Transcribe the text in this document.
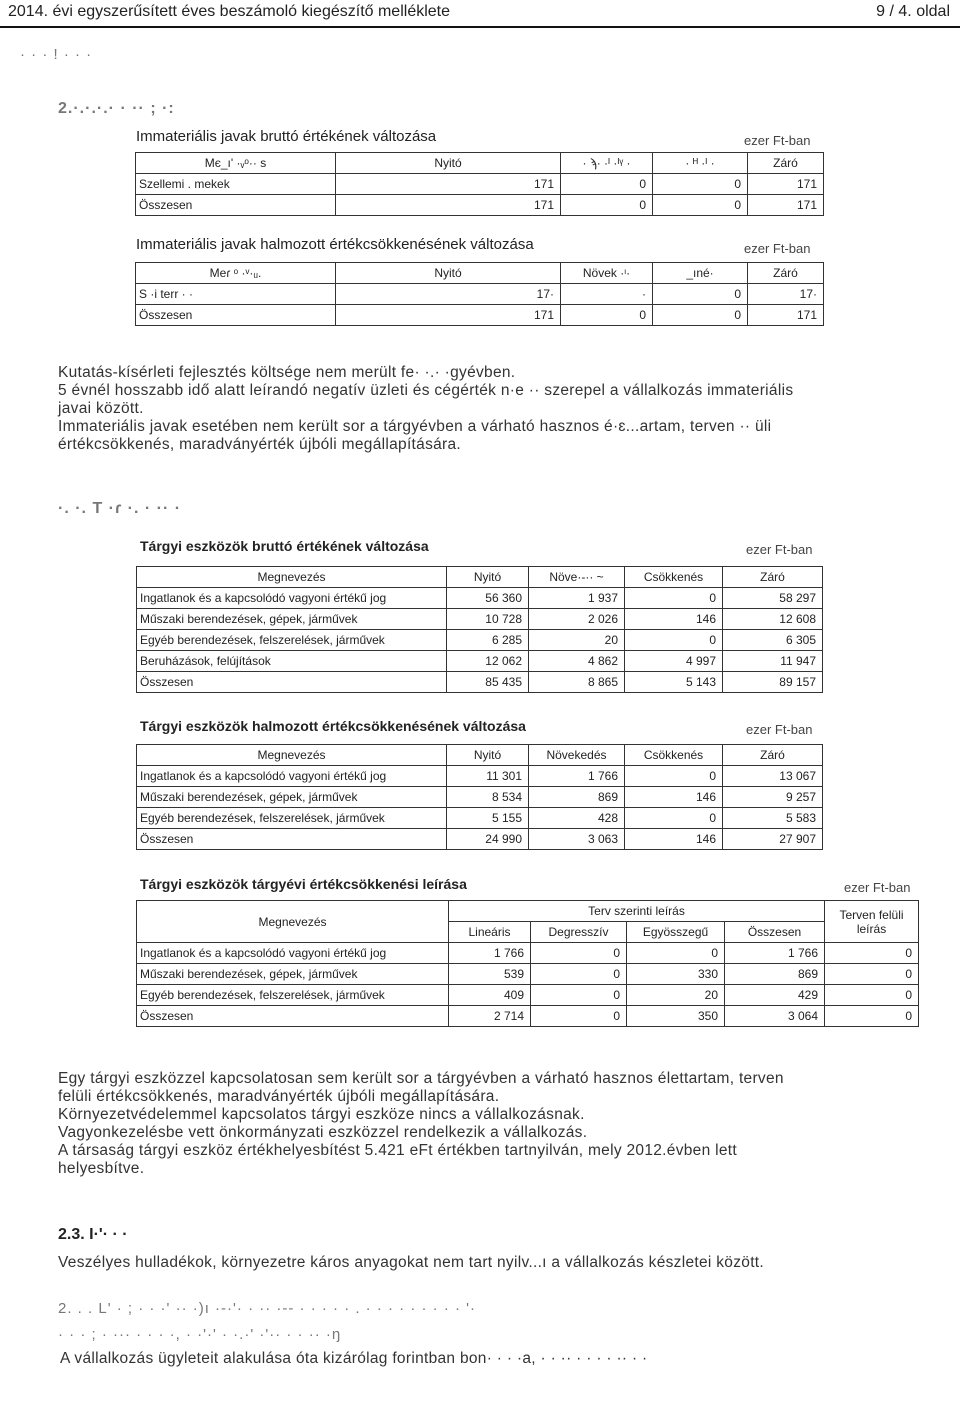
2014. évi egyszerűsített éves beszámoló kiegészítő melléklete	9 / 4. oldal
· · · ! · · ·
2.·.·.·.· · ·· ; ·:
Immateriális javak bruttó értékének változása	ezer Ft-ban
Mє_ı' ·ᵥᵒ·· ѕ	Nyitó	· ϡ· ·ᴵ ·ᴵᵞ ·	· ᴴ ·ᴵ ·	Záró
Szellemi . mekek	171	0	0	171
Összesen	171	0	0	171
Immateriális javak halmozott értékcsökkenésének változása	ezer Ft-ban
Meɾ ᵒ ·ᵛ·ᵤ.	Nyitó	Növek ·ᶦ·	_ıné·	Záró
S ·i terr · ·	17·	·	0	17·
Összesen	171	0	0	171

Kutatás-kísérleti fejlesztés költsége nem merült fe· ·.· ·gyévben.

5 évnél hosszabb idő alatt leírandó negatív üzleti és cégérték n·e ·· szerepel a vállalkozás immateriális

javai között.

Immateriális javak esetében nem került sor a tárgyévben a várható hasznos é·ɛ...artam, terven ·· üli

értékcsökkenés, maradványérték újbóli megállapítására.

·. ·. T ·ɾ ·. · ·· ·
Tárgyi eszközök bruttó értékének változása	ezer Ft-ban
Megnevezés	Nyitó	Növe·-·· ~	Csökkenés	Záró
Ingatlanok és a kapcsolódó vagyoni értékű jog	56 360	1 937	0	58 297
Műszaki berendezések, gépek, járművek	10 728	2 026	146	12 608
Egyéb berendezések, felszerelések, járművek	6 285	20	0	6 305
Beruházások, felújítások	12 062	4 862	4 997	11 947
Összesen	85 435	8 865	5 143	89 157
Tárgyi eszközök halmozott értékcsökkenésének változása	ezer Ft-ban
Megnevezés	Nyitó	Növekedés	Csökkenés	Záró
Ingatlanok és a kapcsolódó vagyoni értékű jog	11 301	1 766	0	13 067
Műszaki berendezések, gépek, járművek	8 534	869	146	9 257
Egyéb berendezések, felszerelések, járművek	5 155	428	0	5 583
Összesen	24 990	3 063	146	27 907
Tárgyi eszközök tárgyévi értékcsökkenési leírása	ezer Ft-ban
Megnevezés	Terv szerinti leírás				Terven felüli leírás
	Lineáris	Degresszív	Egyösszegű	Összesen	
Ingatlanok és a kapcsolódó vagyoni értékű jog	1 766	0	0	1 766	0
Műszaki berendezések, gépek, járművek	539	0	330	869	0
Egyéb berendezések, felszerelések, járművek	409	0	20	429	0
Összesen	2 714	0	350	3 064	0

Egy tárgyi eszközzel kapcsolatosan sem került sor a tárgyévben a várható hasznos élettartam, terven

felüli értékcsökkenés, maradványérték újbóli megállapítására.

Környezetvédelemmel kapcsolatos tárgyi eszköze nincs a vállalkozásnak.

Vagyonkezelésbe vett önkormányzati eszközzel rendelkezik a vállalkozás.

A társaság tárgyi eszköz értékhelyesbítést 5.421 eFt értékben tartnyilván, mely 2012.évben lett

helyesbítve.

2.3. I·'· · ·

Veszélyes hulladékok, környezetre káros anyagokat nem tart nyilv...ı a vállalkozás készletei között.

2. . . L' · ; · · ·' ·· ·)ı ·-·'· · ·· ·-- · · · · · . · · · · · · · · · '·
· · · ; · ··· · · · ·, · ·'·' · ·.·' ·'·· · · ·· ·ŋ

A vállalkozás ügyleteit alakulása óta kizárólag forintban bon· · · ·a, · · ·· · · · · ·· · ·
